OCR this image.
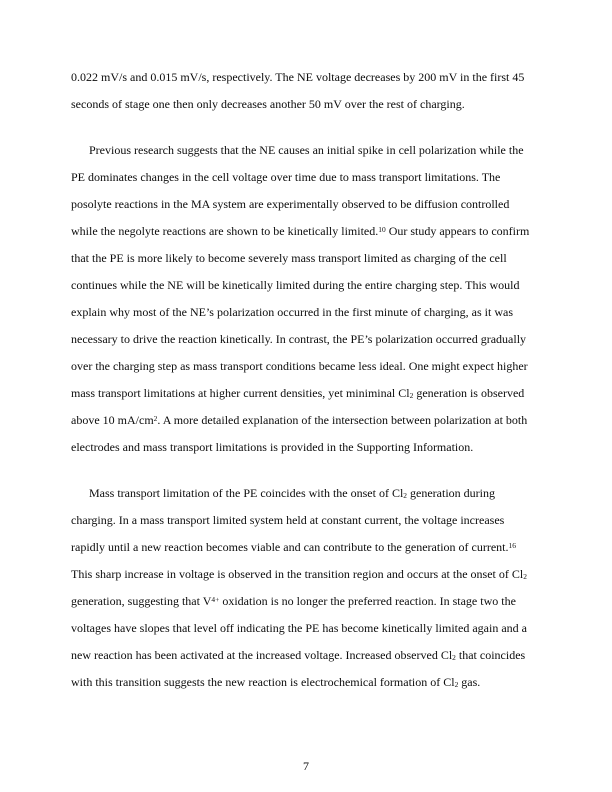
0.022 mV/s and 0.015 mV/s, respectively. The NE voltage decreases by 200 mV in the first 45
seconds of stage one then only decreases another 50 mV over the rest of charging.
Previous research suggests that the NE causes an initial spike in cell polarization while the
PE dominates changes in the cell voltage over time due to mass transport limitations. The
posolyte reactions in the MA system are experimentally observed to be diffusion controlled
while the negolyte reactions are shown to be kinetically limited.$^{10}$ Our study appears to confirm
that the PE is more likely to become severely mass transport limited as charging of the cell
continues while the NE will be kinetically limited during the entire charging step. This would
explain why most of the NE’s polarization occurred in the first minute of charging, as it was
necessary to drive the reaction kinetically. In contrast, the PE’s polarization occurred gradually
over the charging step as mass transport conditions became less ideal. One might expect higher
mass transport limitations at higher current densities, yet miniminal $Cl_2$ generation is observed
above 10 $mA/cm^2$. A more detailed explanation of the intersection between polarization at both
electrodes and mass transport limitations is provided in the Supporting Information.
Mass transport limitation of the PE coincides with the onset of $Cl_2$ generation during
charging. In a mass transport limited system held at constant current, the voltage increases
rapidly until a new reaction becomes viable and can contribute to the generation of current.$^{16}$
This sharp increase in voltage is observed in the transition region and occurs at the onset of $Cl_2$
generation, suggesting that $V^{4+}$ oxidation is no longer the preferred reaction. In stage two the
voltages have slopes that level off indicating the PE has become kinetically limited again and a
new reaction has been activated at the increased voltage. Increased observed $Cl_2$ that coincides
with this transition suggests the new reaction is electrochemical formation of $Cl_2$ gas.
7
